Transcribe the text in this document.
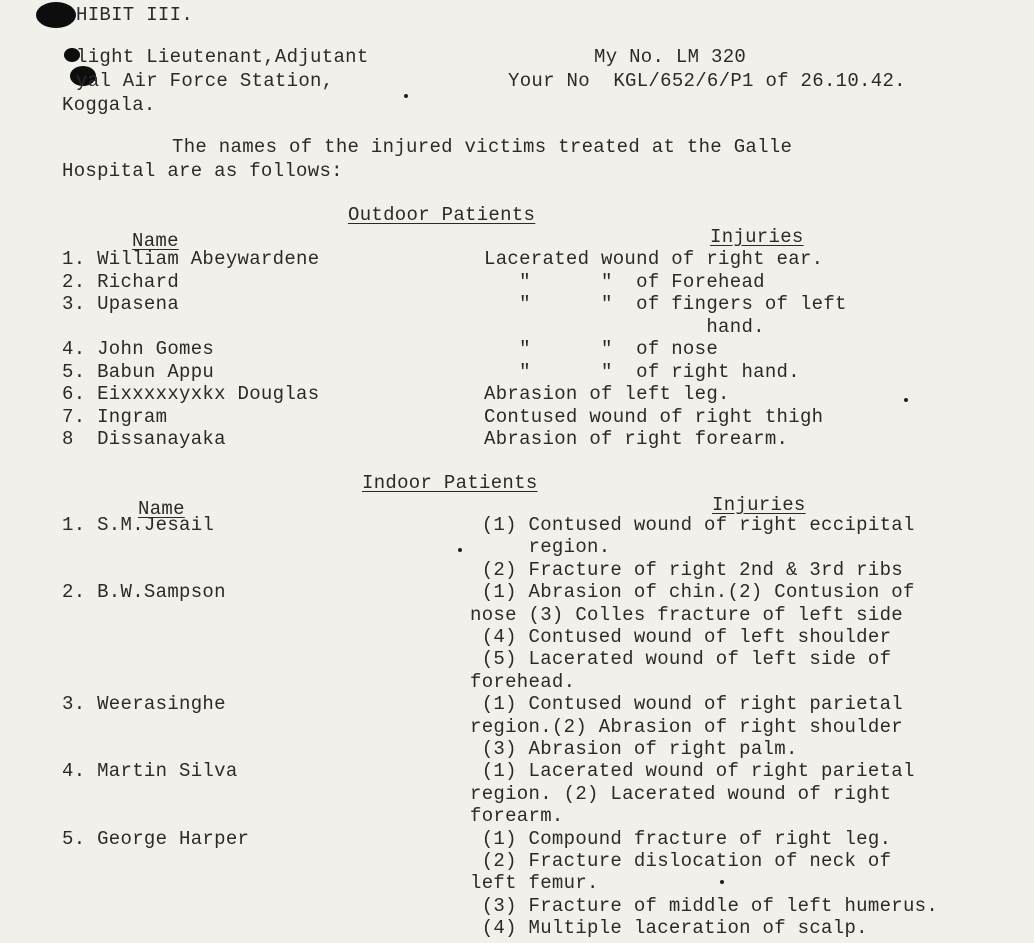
HIBIT III.
light Lieutenant,Adjutant
yal Air Force Station,
Koggala.
My No. LM 320
Your No  KGL/652/6/P1 of 26.10.42.
The names of the injured victims treated at the Galle
Hospital are as follows:
Outdoor Patients
Name	Injuries
1. William Abeywardene	Lacerated wound of right ear.
2. Richard	"      "  of Forehead
3. Upasena	"      "  of fingers of left
hand.
4. John Gomes	"      "  of nose
5. Babun Appu	"      "  of right hand.
6. Eixxxxxyxkx Douglas	Abrasion of left leg.
7. Ingram	Contused wound of right thigh
8  Dissanayaka	Abrasion of right forearm.
Indoor Patients
Name	Injuries
1. S.M.Jesail	(1) Contused wound of right eccipital
region.
(2) Fracture of right 2nd & 3rd ribs
2. B.W.Sampson	(1) Abrasion of chin.(2) Contusion of
nose (3) Colles fracture of left side
(4) Contused wound of left shoulder
(5) Lacerated wound of left side of
forehead.
3. Weerasinghe	(1) Contused wound of right parietal
region.(2) Abrasion of right shoulder
(3) Abrasion of right palm.
4. Martin Silva	(1) Lacerated wound of right parietal
region. (2) Lacerated wound of right
forearm.
5. George Harper	(1) Compound fracture of right leg.
(2) Fracture dislocation of neck of
left femur.
(3) Fracture of middle of left humerus.
(4) Multiple laceration of scalp.
